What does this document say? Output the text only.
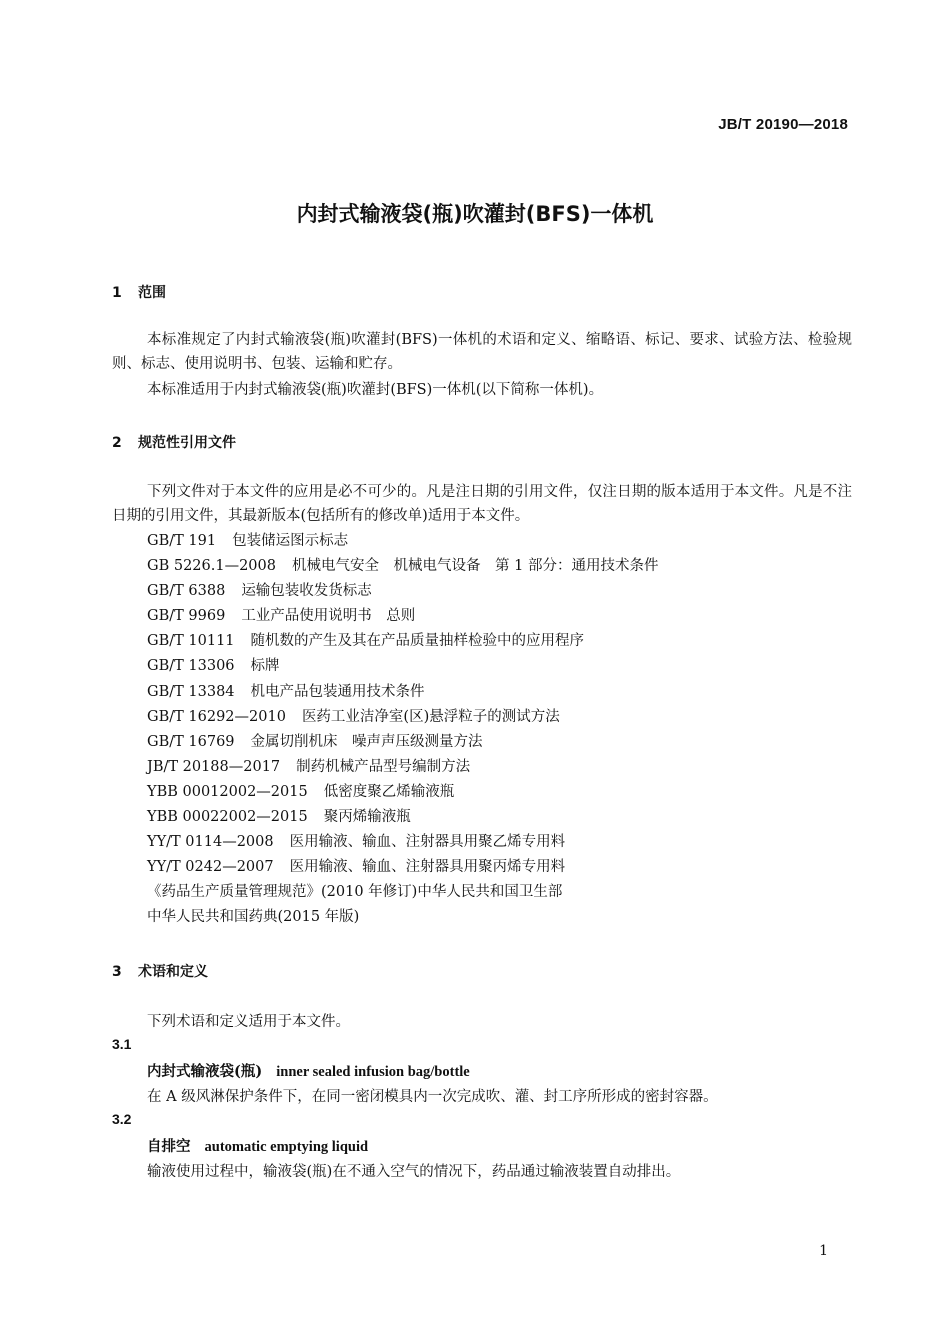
JB/T 20190—2018
内封式输液袋(瓶)吹灌封(BFS)一体机
1 范围
本标准规定了内封式输液袋(瓶)吹灌封(BFS)一体机的术语和定义、缩略语、标记、要求、试验方法、检验规则、标志、使用说明书、包装、运输和贮存。
本标准适用于内封式输液袋(瓶)吹灌封(BFS)一体机(以下简称一体机)。
2 规范性引用文件
下列文件对于本文件的应用是必不可少的。凡是注日期的引用文件，仅注日期的版本适用于本文件。凡是不注日期的引用文件，其最新版本(包括所有的修改单)适用于本文件。
GB/T 191 包装储运图示标志
GB 5226.1—2008 机械电气安全　机械电气设备　第 1 部分：通用技术条件
GB/T 6388 运输包装收发货标志
GB/T 9969 工业产品使用说明书　总则
GB/T 10111 随机数的产生及其在产品质量抽样检验中的应用程序
GB/T 13306 标牌
GB/T 13384 机电产品包装通用技术条件
GB/T 16292—2010 医药工业洁净室(区)悬浮粒子的测试方法
GB/T 16769 金属切削机床　噪声声压级测量方法
JB/T 20188—2017 制药机械产品型号编制方法
YBB 00012002—2015 低密度聚乙烯输液瓶
YBB 00022002—2015 聚丙烯输液瓶
YY/T 0114—2008 医用输液、输血、注射器具用聚乙烯专用料
YY/T 0242—2007 医用输液、输血、注射器具用聚丙烯专用料
《药品生产质量管理规范》(2010 年修订)中华人民共和国卫生部
中华人民共和国药典(2015 年版)
3 术语和定义
下列术语和定义适用于本文件。
3.1
内封式输液袋(瓶) inner sealed infusion bag/bottle
在 A 级风淋保护条件下，在同一密闭模具内一次完成吹、灌、封工序所形成的密封容器。
3.2
自排空 automatic emptying liquid
输液使用过程中，输液袋(瓶)在不通入空气的情况下，药品通过输液装置自动排出。
1
